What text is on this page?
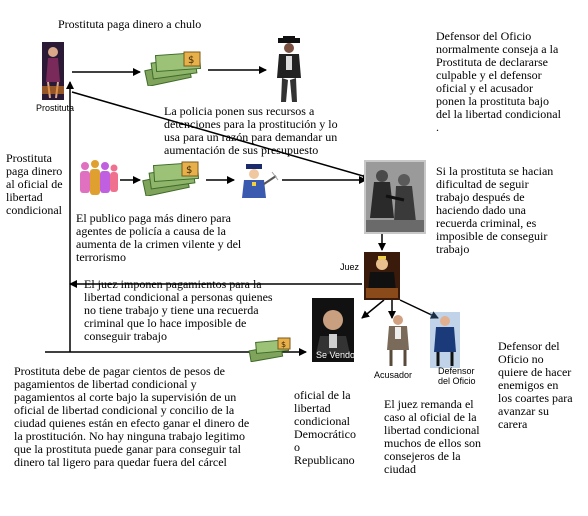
Prostituta paga dinero a chulo
Defensor del Oficio
normalmente conseja a la
Prostituta de declararse
culpable y el defensor
oficial y el acusador
ponen la prostituta bajo
del la libertad condicional
.
La policia ponen sus recursos a
detenciones para la prostitución y lo
usa para un razón para demandar un
aumentación de sus presupuesto
Prostituta
paga dinero
al oficial de
libertad
condicional
Si la prostituta se hacian
dificultad de seguir
trabajo después de
haciendo dado una
recuerda criminal, es
imposible de conseguir
trabajo
El publico paga más dinero para
agentes de policía a causa de la
aumenta de la crimen vilente y del
terrorismo
El juez imponen pagamientos para la
libertad condicional a personas quienes
no tiene trabajo y tiene una recuerda
criminal que lo hace imposible de
conseguir trabajo
Prostituta debe de pagar cientos de pesos de
pagamientos de libertad condicional y
pagamientos al corte bajo la supervisión de un
oficial de libertad condicional y concilio de la
ciudad quienes están en efecto ganar el dinero de
la prostitución. No hay ninguna trabajo legitimo
que la prostituta puede ganar para conseguir tal
dinero tal ligero para quedar fuera del cárcel
oficial de la
libertad
condicional
Democrático
o
Republicano
El juez remanda el
caso al oficial de la
libertad condicional
muchos de ellos son
consejeros de la
ciudad
Defensor del
Oficio no
quiere de hacer
enemigos en
los coartes para
avanzar su
carera
Prostituta
$
$
$
Juez
Se Vendo
Acusador	Defensor
del Oficio
